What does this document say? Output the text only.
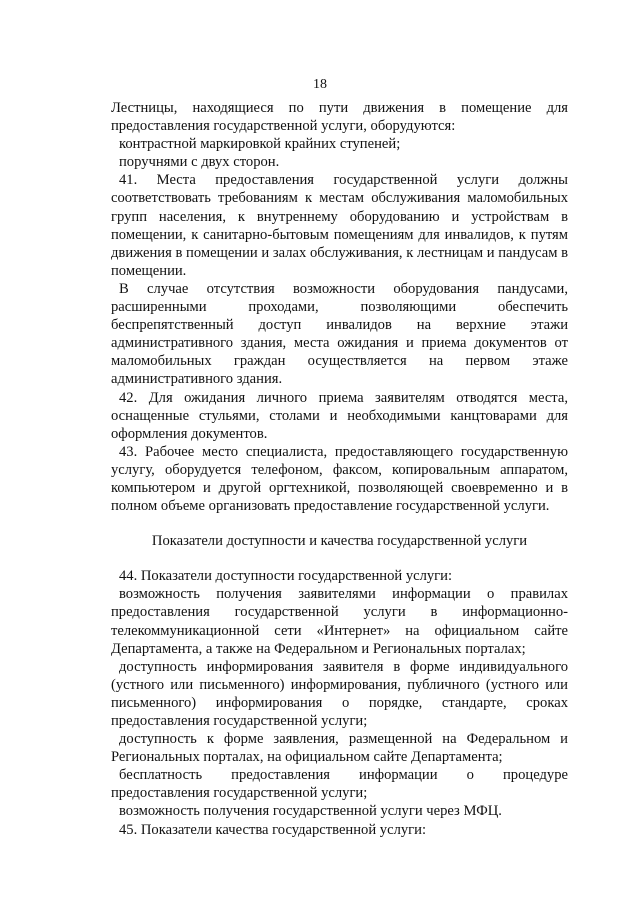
18

Лестницы, находящиеся по пути движения в помещение для предоставления государственной услуги, оборудуются:

контрастной маркировкой крайних ступеней;

поручнями с двух сторон.

41. Места предоставления государственной услуги должны соответствовать требованиям к местам обслуживания маломобильных групп населения, к внутреннему оборудованию и устройствам в помещении, к санитарно-бытовым помещениям для инвалидов, к путям движения в помещении и залах обслуживания, к лестницам и пандусам в помещении.

В случае отсутствия возможности оборудования пандусами, расширенными проходами, позволяющими обеспечить беспрепятственный доступ инвалидов на верхние этажи административного здания, места ожидания и приема документов от маломобильных граждан осуществляется на первом этаже административного здания.

42. Для ожидания личного приема заявителям отводятся места, оснащенные стульями, столами и необходимыми канцтоварами для оформления документов.

43. Рабочее место специалиста, предоставляющего государственную услугу, оборудуется телефоном, факсом, копировальным аппаратом, компьютером и другой оргтехникой, позволяющей своевременно и в полном объеме организовать предоставление государственной услуги.

Показатели доступности и качества государственной услуги

44. Показатели доступности государственной услуги:

возможность получения заявителями информации о правилах предоставления государственной услуги в информационно-телекоммуникационной сети «Интернет» на официальном сайте Департамента, а также на Федеральном и Региональных порталах;

доступность информирования заявителя в форме индивидуального (устного или письменного) информирования, публичного (устного или письменного) информирования о порядке, стандарте, сроках предоставления государственной услуги;

доступность к форме заявления, размещенной на Федеральном и Региональных порталах, на официальном сайте Департамента;

бесплатность предоставления информации о процедуре предоставления государственной услуги;

возможность получения государственной услуги через МФЦ.

45. Показатели качества государственной услуги:
